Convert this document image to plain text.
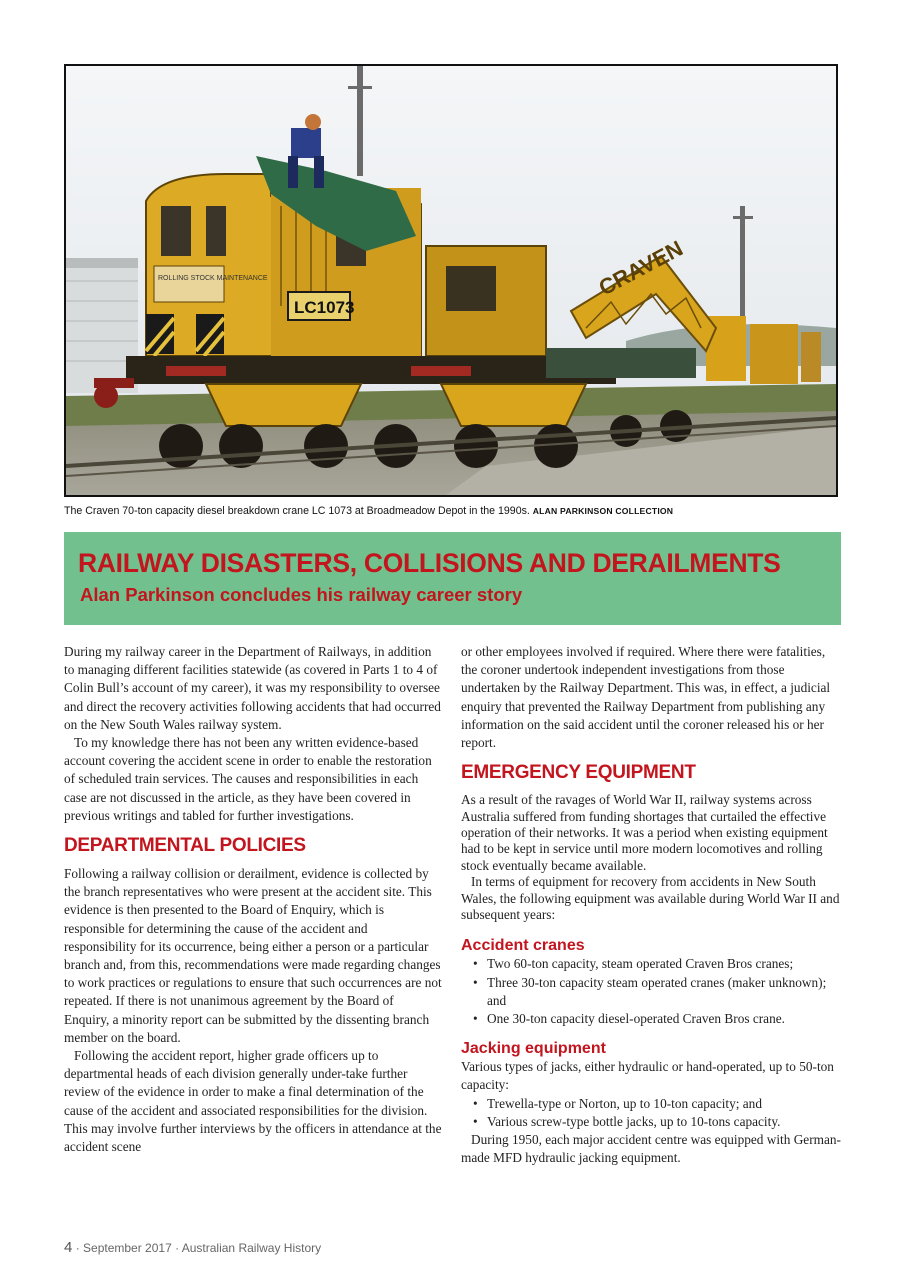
CRAVEN
ROLLING STOCK MAINTENANCE
LC1073
The Craven 70-ton capacity diesel breakdown crane LC 1073 at Broadmeadow Depot in the 1990s. ALAN PARKINSON COLLECTION
RAILWAY DISASTERS, COLLISIONS AND DERAILMENTS
Alan Parkinson concludes his railway career story

During my railway career in the Department of Railways, in addition to managing different facilities statewide (as covered in Parts 1 to 4 of Colin Bull’s account of my career), it was my responsibility to oversee and direct the recovery activities following accidents that had occurred on the New South Wales railway system.

To my knowledge there has not been any written evidence-based account covering the accident scene in order to enable the restoration of scheduled train services. The causes and responsibilities in each case are not discussed in the article, as they have been covered in previous writings and tabled for further investigations.

DEPARTMENTAL POLICIES

Following a railway collision or derailment, evidence is collected by the branch representatives who were present at the accident site. This evidence is then presented to the Board of Enquiry, which is responsible for determining the cause of the accident and responsibility for its occurrence, being either a person or a particular branch and, from this, recommendations were made regarding changes to work practices or regulations to ensure that such occurrences are not repeated. If there is not unanimous agreement by the Board of Enquiry, a minority report can be submitted by the dissenting branch member on the board.

Following the accident report, higher grade officers up to departmental heads of each division generally under-take further review of the evidence in order to make a final determination of the cause of the accident and associated responsibilities for the division. This may involve further interviews by the officers in attendance at the accident scene

or other employees involved if required. Where there were fatalities, the coroner undertook independent investigations from those undertaken by the Railway Department. This was, in effect, a judicial enquiry that prevented the Railway Department from publishing any information on the said accident until the coroner released his or her report.

EMERGENCY EQUIPMENT

As a result of the ravages of World War II, railway systems across Australia suffered from funding shortages that curtailed the effective operation of their networks. It was a period when existing equipment had to be kept in service until more modern locomotives and rolling stock eventually became available.

In terms of equipment for recovery from accidents in New South Wales, the following equipment was available during World War II and subsequent years:

Accident cranes
• Two 60-ton capacity, steam operated Craven Bros cranes;
• Three 30-ton capacity steam operated cranes (maker unknown); and
• One 30-ton capacity diesel-operated Craven Bros crane.
Jacking equipment

Various types of jacks, either hydraulic or hand-operated, up to 50-ton capacity:

• Trewella-type or Norton, up to 10-ton capacity; and
• Various screw-type bottle jacks, up to 10-tons capacity.

During 1950, each major accident centre was equipped with German-made MFD hydraulic jacking equipment.

4 · September 2017 · Australian Railway History
